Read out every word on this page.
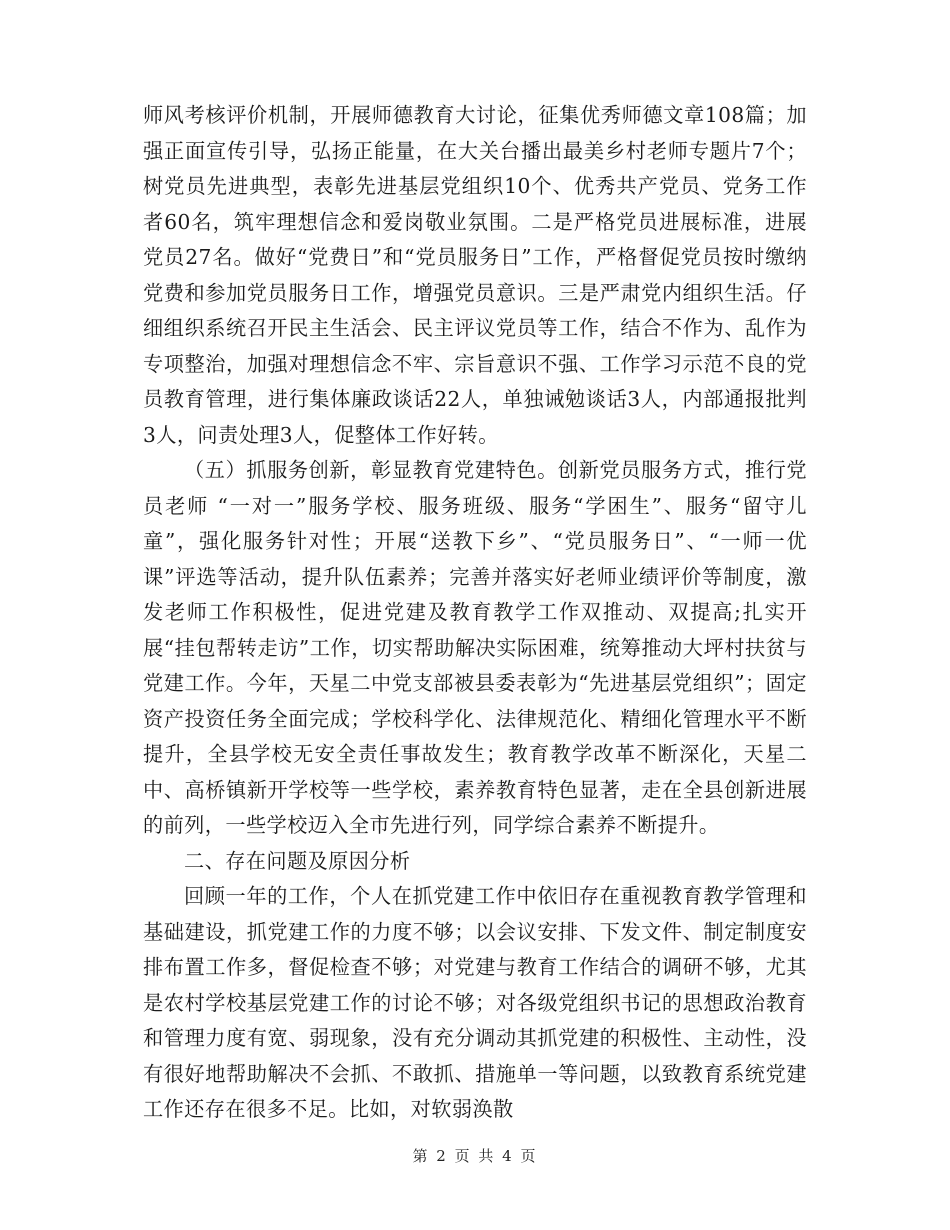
师风考核评价机制，开展师德教育大讨论，征集优秀师德文章108篇；加强正面宣传引导，弘扬正能量，在大关台播出最美乡村老师专题片7个；树党员先进典型，表彰先进基层党组织10个、优秀共产党员、党务工作者60名，筑牢理想信念和爱岗敬业氛围。二是严格党员进展标准，进展党员27名。做好“党费日”和“党员服务日”工作，严格督促党员按时缴纳党费和参加党员服务日工作，增强党员意识。三是严肃党内组织生活。仔细组织系统召开民主生活会、民主评议党员等工作，结合不作为、乱作为专项整治，加强对理想信念不牢、宗旨意识不强、工作学习示范不良的党员教育管理，进行集体廉政谈话22人，单独诫勉谈话3人，内部通报批判3人，问责处理3人，促整体工作好转。

（五）抓服务创新，彰显教育党建特色。创新党员服务方式，推行党员老师 “一对一”服务学校、服务班级、服务“学困生”、服务“留守儿童”，强化服务针对性；开展“送教下乡”、“党员服务日”、“一师一优课”评选等活动，提升队伍素养；完善并落实好老师业绩评价等制度，激发老师工作积极性，促进党建及教育教学工作双推动、双提高;扎实开展“挂包帮转走访”工作，切实帮助解决实际困难，统筹推动大坪村扶贫与党建工作。今年，天星二中党支部被县委表彰为“先进基层党组织”；固定资产投资任务全面完成；学校科学化、法律规范化、精细化管理水平不断提升，全县学校无安全责任事故发生；教育教学改革不断深化，天星二中、高桥镇新开学校等一些学校，素养教育特色显著，走在全县创新进展的前列，一些学校迈入全市先进行列，同学综合素养不断提升。

二、存在问题及原因分析

回顾一年的工作，个人在抓党建工作中依旧存在重视教育教学管理和基础建设，抓党建工作的力度不够；以会议安排、下发文件、制定制度安排布置工作多，督促检查不够；对党建与教育工作结合的调研不够，尤其是农村学校基层党建工作的讨论不够；对各级党组织书记的思想政治教育和管理力度有宽、弱现象，没有充分调动其抓党建的积极性、主动性，没有很好地帮助解决不会抓、不敢抓、措施单一等问题，以致教育系统党建工作还存在很多不足。比如，对软弱涣散

第 2 页 共 4 页
